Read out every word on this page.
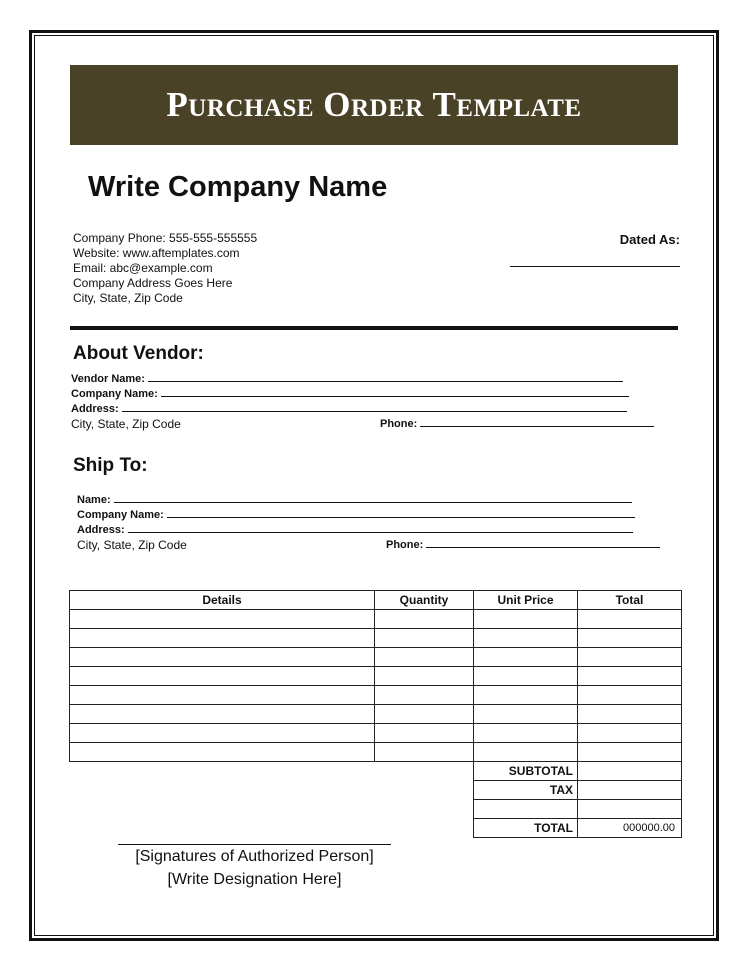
Purchase Order Template
Write Company Name
Company Phone: 555-555-555555
Website: www.aftemplates.com
Email: abc@example.com
Company Address Goes Here
City, State, Zip Code
Dated As:
About Vendor:
Vendor Name:
Company Name:
Address:
City, State, Zip Code	Phone:
Ship To:
Name:
Company Name:
Address:
City, State, Zip Code	Phone:
Details	Quantity	Unit Price	Total

		SUBTOTAL	
		TAX	

		TOTAL	000000.00
[Signatures of Authorized Person]
[Write Designation Here]
